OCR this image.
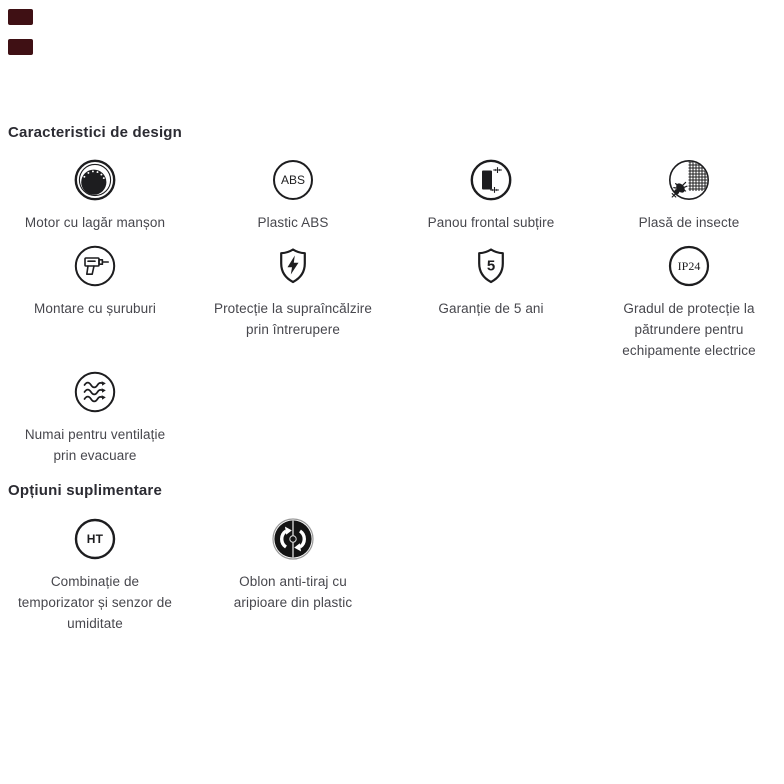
Caracteristici de design
Motor cu lagăr manșon
ABS
Plastic ABS	Panou frontal subțire	Plasă de insecte
Montare cu șuruburi	Protecție la supraîncălzire
prin întrerupere
5
Garanție de 5 ani
IP24
Gradul de protecție la
pătrundere pentru
echipamente electrice
Numai pentru ventilație
prin evacuare
Opțiuni suplimentare
HT
Combinație de
temporizator și senzor de
umiditate
Oblon anti-tiraj cu
aripioare din plastic
